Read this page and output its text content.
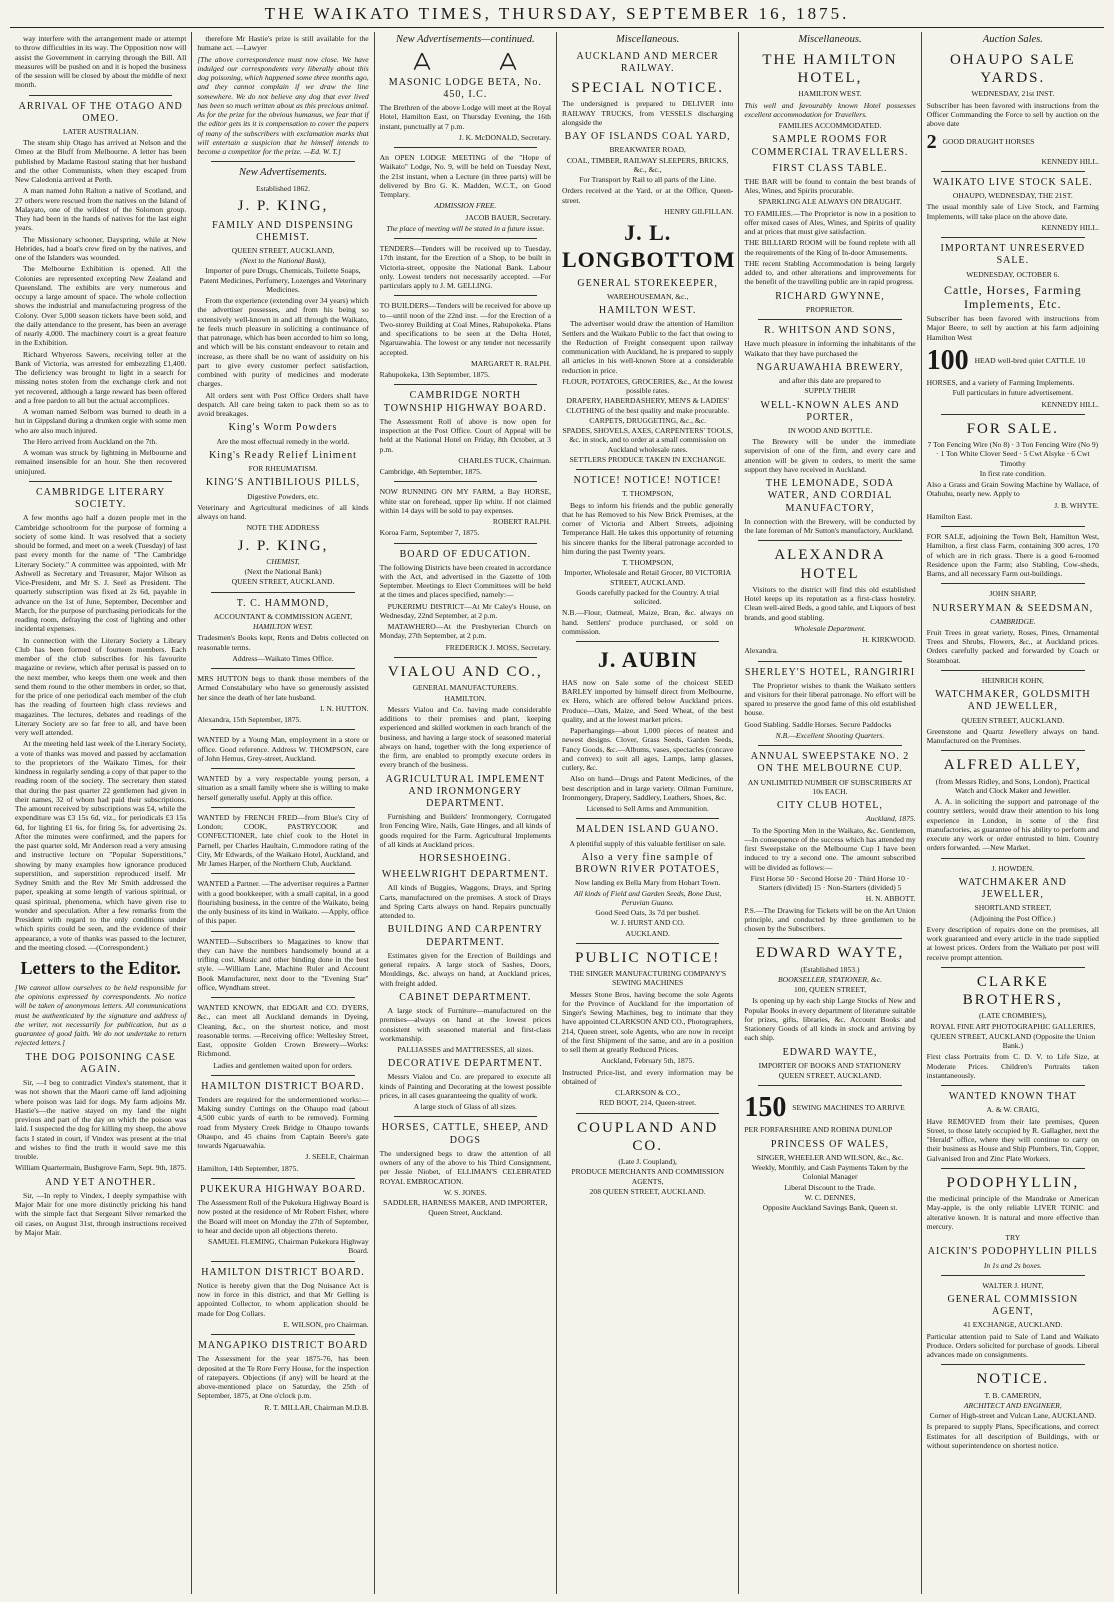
THE WAIKATO TIMES, THURSDAY, SEPTEMBER 16, 1875.
way interfere with the arrangement made or attempt to throw difficulties in its way. The Opposition now will assist the Government in carrying through the Bill. All measures will be pushed on and it is hoped the business of the session will be closed by about the middle of next month.
ARRIVAL OF THE OTAGO AND OMEO.
LATER AUSTRALIAN.
The steam ship Otago has arrived at Nelson and the Omeo at the Bluff from Melbourne. A letter has been published by Madame Rastoul stating that her husband and the other Communists, when they escaped from New Caledonia arrived at Perth.
A man named John Ralton a native of Scotland, and 27 others were rescued from the natives on the Island of Malayato, one of the wildest of the Solomon group. They had been in the hands of natives for the last eight years.
The Missionary schooner, Dayspring, while at New Hebrides, had a boat's crew fired on by the natives, and one of the Islanders was wounded.
The Melbourne Exhibition is opened. All the Colonies are represented excepting New Zealand and Queensland. The exhibits are very numerous and occupy a large amount of space. The whole collection shows the industrial and manufacturing progress of the Colony. Over 5,000 season tickets have been sold, and the daily attendance to the present, has been an average of nearly 4,000. The machinery court is a great feature in the Exhibition.
Richard Whyeross Sawers, receiving teller at the Bank of Victoria, was arrested for embezzling £1,400. The deficiency was brought to light in a search for missing notes stolen from the exchange clerk and not yet recovered, although a large reward has been offered and a free pardon to all but the actual accomplices.
A woman named Selborn was burned to death in a hut in Gippsland during a drunken orgie with some men who are also much injured.
The Hero arrived from Auckland on the 7th.
A woman was struck by lightning in Melbourne and remained insensible for an hour. She then recovered uninjured.
CAMBRIDGE LITERARY SOCIETY.
A few months ago half a dozen people met in the Cambridge schoolroom for the purpose of forming a society of some kind. It was resolved that a society should be formed, and meet on a week (Tuesday) of last past every month for the name of "The Cambridge Literary Society." A committee was appointed, with Mr Ashwell as Secretary and Treasurer, Major Wilson as Vice-President, and Mr S. J. Seel as President. The quarterly subscription was fixed at 2s 6d, payable in advance on the 1st of June, September, December and March, for the purpose of purchasing periodicals for the reading room, defraying the cost of lighting and other incidental expenses.
In connection with the Literary Society a Library Club has been formed of fourteen members. Each member of the club subscribes for his favourite magazine or review, which after perusal is passed on to the next member, who keeps them one week and then send them round to the other members in order, so that, for the price of one periodical each member of the club has the reading of fourteen high class reviews and magazines. The lectures, debates and readings of the Literary Society are so far free to all, and have been very well attended.
At the meeting held last week of the Literary Society, a vote of thanks was moved and passed by acclamation to the proprietors of the Waikato Times, for their kindness in regularly sending a copy of that paper to the reading room of the society. The secretary then stated that during the past quarter 22 gentlemen had given in their names, 32 of whom had paid their subscriptions. The amount received by subscriptions was £4, while the expenditure was £3 15s 6d, viz., for periodicals £3 15s 6d, for lighting £1 6s, for firing 5s, for advertising 2s. After the minutes were confirmed, and the papers for the past quarter sold, Mr Anderson read a very amusing and instructive lecture on "Popular Superstitions," showing by many examples how ignorance produced superstition, and superstition reproduced itself. Mr Sydney Smith and the Rev Mr Smith addressed the paper, speaking at some length of various spiritual, or quasi spiritual, phenomena, which have given rise to wonder and speculation. After a few remarks from the President with regard to the only conditions under which spirits could be seen, and the evidence of their appearance, a vote of thanks was passed to the lecturer, and the meeting closed. —(Correspondent.)
Letters to the Editor.
[We cannot allow ourselves to be held responsible for the opinions expressed by correspondents. No notice will be taken of anonymous letters. All communications must be authenticated by the signature and address of the writer, not necessarily for publication, but as a guarantee of good faith. We do not undertake to return rejected letters.]
THE DOG POISONING CASE AGAIN.
Sir, —I beg to contradict Vindex's statement, that it was not shown that the Maori came off land adjoining where poison was laid for dogs. My farm adjoins Mr. Hastie's—the native stayed on my land the night previous and part of the day on which the poison was laid. I suspected the dog for killing my sheep, the above facts I stated in court, if Vindex was present at the trial and wishes to find the truth it would save me this trouble.
William Quartermain, Bushgrove Farm, Sept. 9th, 1875.
AND YET ANOTHER.
Sir, —In reply to Vindex, I deeply sympathise with Major Mair for one more distinctly pricking his hand with the simple fact that Sergeant Silver remarked the oil cases, on August 31st, through instructions received by Major Mair.
therefore Mr Hastie's prize is still available for the humane act. —Lawyer
[The above correspondence must now close. We have indulged our correspondents very liberally about this dog poisoning, which happened some three months ago, and they cannot complain if we draw the line somewhere. We do not believe any dog that ever lived has been so much written about as this precious animal. As for the prize for the obvious humanus, we fear that if the editor gets its it is compensation to cover the papers of many of the subscribers with exclamation marks that will entertain a suspicion that he himself intends to become a competitor for the prize. —Ed. W. T.]
New Advertisements.
Established 1862.
J. P. KING,
FAMILY AND DISPENSING CHEMIST.
QUEEN STREET, AUCKLAND,
(Next to the National Bank),
Importer of pure Drugs, Chemicals, Toilette Soaps, Patent Medicines, Perfumery, Lozenges and Veterinary Medicines.
From the experience (extending over 34 years) which the advertiser possesses, and from his being so extensively well-known in and all through the Waikato, he feels much pleasure in soliciting a continuance of that patronage, which has been accorded to him so long, and which will be his constant endeavour to retain and increase, as there shall be no want of assiduity on his part to give every customer perfect satisfaction, combined with purity of medicines and moderate charges.
All orders sent with Post Office Orders shall have despatch. All care being taken to pack them so as to avoid breakages.
King's Worm Powders
Are the most effectual remedy in the world.
King's Ready Relief Liniment
FOR RHEUMATISM.
KING'S ANTIBILIOUS PILLS,
Digestive Powders, etc.
Veterinary and Agricultural medicines of all kinds always on hand.
NOTE THE ADDRESS
J. P. KING,
CHEMIST,
(Next the National Bank)
QUEEN STREET, AUCKLAND.
T. C. HAMMOND,
ACCOUNTANT & COMMISSION AGENT,
HAMILTON WEST.
Tradesmen's Books kept, Rents and Debts collected on reasonable terms.
Address—Waikato Times Office.
MRS HUTTON begs to thank those members of the Armed Constabulary who have so generously assisted her since the death of her late husband.
I. N. HUTTON.
Alexandra, 15th September, 1875.
WANTED by a Young Man, employment in a store or office. Good reference. Address W. THOMPSON, care of John Hemus, Grey-street, Auckland.
WANTED by a very respectable young person, a situation as a small family where she is willing to make herself generally useful. Apply at this office.
WANTED by FRENCH FRED—from Blue's City of London; COOK, PASTRYCOOK and CONFECTIONER, late chief cook to the Hotel in Parnell, per Charles Haultain, C.mmodore rating of the City, Mr Edwards, of the Waikato Hotel, Auckland, and Mr James Harper, of the Northern Club, Auckland.
WANTED a Partner. —The advertiser requires a Partner with a good bookkeeper, with a small capital, in a good flourishing business, in the centre of the Waikato, being the only business of its kind in Waikato. —Apply, office of this paper.
WANTED—Subscribers to Magazines to know that they can have the numbers handsomely bound at a trifling cost. Music and other binding done in the best style. —William Lane, Machine Ruler and Account Book Manufacturer, next door to the "Evening Star" office, Wyndham street.
WANTED KNOWN, that EDGAR and CO. DYERS, &c., can meet all Auckland demands in Dyeing, Cleaning, &c., on the shortest notice, and most reasonable terms. —Receiving office: Wellesley Street, East, opposite Golden Crown Brewery—Works: Richmond.
Ladies and gentlemen waited upon for orders.
HAMILTON DISTRICT BOARD.
Tenders are required for the undermentioned works:— Making sundry Cuttings on the Ohaupo road (about 4,500 cubic yards of earth to be removed). Forming road from Mystery Creek Bridge to Ohaupo towards Ohaupo, and 45 chains from Captain Beere's gate towards Ngaruawahia.
J. SEELE, Chairman
Hamilton, 14th September, 1875.
PUKEKURA HIGHWAY BOARD.
The Assessment Roll of the Pukekura Highway Board is now posted at the residence of Mr Robert Fisher, where the Board will meet on Monday the 27th of September, to hear and decide upon all objections thereto.
SAMUEL FLEMING, Chairman Pukekura Highway Board.
HAMILTON DISTRICT BOARD.
Notice is hereby given that the Dog Nuisance Act is now in force in this district, and that Mr Gelling is appointed Collector, to whom application should be made for Dog Collars.
E. WILSON, pro Chairman.
MANGAPIKO DISTRICT BOARD
The Assessment for the year 1875-76, has been deposited at the Te Rore Ferry House, for the inspection of ratepayers. Objections (if any) will be heard at the above-mentioned place on Saturday, the 25th of September, 1875, at One o'clock p.m.
R. T. MILLAR, Chairman M.D.B.
New Advertisements—continued.
MASONIC LODGE BETA, No. 450, I.C.
The Brethren of the above Lodge will meet at the Royal Hotel, Hamilton East, on Thursday Evening, the 16th instant, punctually at 7 p.m.
J. K. McDONALD, Secretary.
An OPEN LODGE MEETING of the "Hope of Waikato" Lodge, No. 9, will be held on Tuesday Next, the 21st instant, when a Lecture (in three parts) will be delivered by Bro G. K. Madden, W.C.T., on Good Templary.
ADMISSION FREE.
JACOB BAUER, Secretary.
The place of meeting will be stated in a future issue.
TENDERS—Tenders will be received up to Tuesday, 17th instant, for the Erection of a Shop, to be built in Victoria-street, opposite the National Bank. Labour only. Lowest tenders not necessarily accepted. —For particulars apply to J. M. GELLING.
TO BUILDERS—Tenders will be received for above up to—until noon of the 22nd inst. —for the Erection of a Two-storey Building at Coal Mines, Rahupokeka. Plans and specifications to be seen at the Delta Hotel, Ngaruawahia. The lowest or any tender not necessarily accepted.
MARGARET R. RALPH.
Rahupokeka, 13th September, 1875.
CAMBRIDGE NORTH TOWNSHIP HIGHWAY BOARD.
The Assessment Roll of above is now open for inspection at the Post Office. Court of Appeal will be held at the National Hotel on Friday, 8th October, at 3 p.m.
CHARLES TUCK, Chairman.
Cambridge, 4th September, 1875.
NOW RUNNING ON MY FARM, a Bay HORSE, white star on forehead, upper lip white. If not claimed within 14 days will be sold to pay expenses.
ROBERT RALPH.
Koroa Farm, September 7, 1875.
BOARD OF EDUCATION.
The following Districts have been created in accordance with the Act, and advertised in the Gazette of 10th September. Meetings to Elect Committees will be held at the times and places specified, namely:—
PUKERIMU DISTRICT—At Mr Caley's House, on Wednesday, 22nd September, at 2 p.m.
MATAWHERO—At the Presbyterian Church on Monday, 27th September, at 2 p.m.
FREDERICK J. MOSS, Secretary.
VIALOU AND CO.,
GENERAL MANUFACTURERS.
HAMILTON.
Messrs Vialou and Co. having made considerable additions to their premises and plant, keeping experienced and skilled workmen in each branch of the business, and having a large stock of seasoned material always on hand, together with the long experience of the firm, are enabled to promptly execute orders in every branch of the business.
AGRICULTURAL IMPLEMENT AND IRONMONGERY DEPARTMENT.
Furnishing and Builders' Ironmongery, Corrugated Iron Fencing Wire, Nails, Gate Hinges, and all kinds of goods required for the Farm. Agricultural Implements of all kinds at Auckland prices.
HORSESHOEING.
WHEELWRIGHT DEPARTMENT.
All kinds of Buggies, Waggons, Drays, and Spring Carts, manufactured on the premises. A stock of Drays and Spring Carts always on hand. Repairs punctually attended to.
BUILDING AND CARPENTRY DEPARTMENT.
Estimates given for the Erection of Buildings and general repairs. A large stock of Sashes, Doors, Mouldings, &c. always on hand, at Auckland prices, with freight added.
CABINET DEPARTMENT.
A large stock of Furniture—manufactured on the premises—always on hand at the lowest prices consistent with seasoned material and first-class workmanship.
PALLIASSES and MATTRESSES, all sizes.
DECORATIVE DEPARTMENT.
Messrs Vialou and Co. are prepared to execute all kinds of Painting and Decorating at the lowest possible prices, in all cases guaranteeing the quality of work.
A large stock of Glass of all sizes.
HORSES, CATTLE, SHEEP, AND DOGS
The undersigned begs to draw the attention of all owners of any of the above to his Third Consignment, per Jessie Niobet, of ELLIMAN'S CELEBRATED ROYAL EMBROCATION.
W. S. JONES.
SADDLER, HARNESS MAKER, AND IMPORTER,
Queen Street, Auckland.
Miscellaneous.
AUCKLAND AND MERCER RAILWAY.
SPECIAL NOTICE.
The undersigned is prepared to DELIVER into RAILWAY TRUCKS, from VESSELS discharging alongside the
BAY OF ISLANDS COAL YARD,
BREAKWATER ROAD,
COAL, TIMBER, RAILWAY SLEEPERS, BRICKS, &c., &c.,
For Transport by Rail to all parts of the Line.
Orders received at the Yard, or at the Office, Queen-street.
HENRY GILFILLAN.
J. L. LONGBOTTOM
GENERAL STOREKEEPER,
WAREHOUSEMAN, &c.,
HAMILTON WEST.
The advertiser would draw the attention of Hamilton Settlers and the Waikato Public to the fact that owing to the Reduction of Freight consequent upon railway communication with Auckland, he is prepared to supply all articles in his well-known Store at a considerable reduction in price.
FLOUR, POTATOES, GROCERIES, &c., At the lowest possible rates.
DRAPERY, HABERDASHERY, MEN'S & LADIES' CLOTHING of the best quality and make procurable.
CARPETS, DRUGGETING, &c., &c.
SPADES, SHOVELS, AXES, CARPENTERS' TOOLS, &c. in stock, and to order at a small commission on Auckland wholesale rates.
SETTLERS PRODUCE TAKEN IN EXCHANGE.
NOTICE! NOTICE! NOTICE!
T. THOMPSON,
Begs to inform his friends and the public generally that he has Removed to his New Brick Premises, at the corner of Victoria and Albert Streets, adjoining Temperance Hall. He takes this opportunity of returning his sincere thanks for the liberal patronage accorded to him during the past Twenty years.
T. THOMPSON,
Importer, Wholesale and Retail Grocer, 80 VICTORIA STREET, AUCKLAND.
Goods carefully packed for the Country. A trial solicited.
N.B.—Flour, Oatmeal, Maize, Bran, &c. always on hand. Settlers' produce purchased, or sold on commission.
J. AUBIN
HAS now on Sale some of the choicest SEED BARLEY imported by himself direct from Melbourne, ex Hero, which are offered below Auckland prices. Produce—Oats, Maize, and Seed Wheat, of the best quality, and at the lowest market prices.
Paperhangings—about 1,000 pieces of neatest and newest designs. Clover, Grass Seeds, Garden Seeds, Fancy Goods, &c.—Albums, vases, spectacles (concave and convex) to suit all ages, Lamps, lamp glasses, cutlery, &c.
Also on hand—Drugs and Patent Medicines, of the best description and in large variety. Oilman Furniture, Ironmongery, Drapery, Saddlery, Leathers, Shoes, &c.
Licensed to Sell Arms and Ammunition.
MALDEN ISLAND GUANO.
A plentiful supply of this valuable fertiliser on sale.
Also a very fine sample of BROWN RIVER POTATOES,
Now landing ex Bella Mary from Hobart Town.
All kinds of Field and Garden Seeds, Bone Dust, Peruvian Guano.
Good Seed Oats, 3s 7d per bushel.
W. J. HURST AND CO.
AUCKLAND.
PUBLIC NOTICE!
THE SINGER MANUFACTURING COMPANY'S SEWING MACHINES
Messrs Stone Bros, having become the sole Agents for the Province of Auckland for the importation of Singer's Sewing Machines, beg to intimate that they have appointed CLARKSON AND CO., Photographers, 214, Queen street, sole Agents, who are now in receipt of the first Shipment of the same, and are in a position to sell them at greatly Reduced Prices.
Auckland, February 5th, 1875.
Instructed Price-list, and every information may be obtained of
CLARKSON & CO.,
RED BOOT, 214, Queen-street.
COUPLAND AND CO.
(Late J. Coupland),
PRODUCE MERCHANTS AND COMMISSION AGENTS,
208 QUEEN STREET, AUCKLAND.
Miscellaneous.
THE HAMILTON HOTEL,
HAMILTON WEST.
This well and favourably known Hotel possesses excellent accommodation for Travellers.
FAMILIES ACCOMMODATED.
SAMPLE ROOMS FOR COMMERCIAL TRAVELLERS.
FIRST CLASS TABLE.
THE BAR will be found to contain the best brands of Ales, Wines, and Spirits procurable.
SPARKLING ALE ALWAYS ON DRAUGHT.
TO FAMILIES.—The Proprietor is now in a position to offer mixed cases of Ales, Wines, and Spirits of quality and at prices that must give satisfaction.
THE BILLIARD ROOM will be found replete with all the requirements of the King of In-door Amusements.
THE recent Stabling Accommodation is being largely added to, and other alterations and improvements for the benefit of the travelling public are in rapid progress.
RICHARD GWYNNE,
PROPRIETOR.
R. WHITSON AND SONS,
Have much pleasure in informing the inhabitants of the Waikato that they have purchased the
NGARUAWAHIA BREWERY,
and after this date are prepared to
SUPPLY THEIR
WELL-KNOWN ALES AND PORTER,
IN WOOD AND BOTTLE.
The Brewery will be under the immediate supervision of one of the firm, and every care and attention will be given to orders, to merit the same support they have received in Auckland.
THE LEMONADE, SODA WATER, AND CORDIAL MANUFACTORY,
In connection with the Brewery, will be conducted by the late foreman of Mr Sutton's manufactory, Auckland.
ALEXANDRA HOTEL
Visitors to the district will find this old established Hotel keeps up its reputation as a first-class hostelry. Clean well-aired Beds, a good table, and Liquors of best brands, and good stabling.
Wholesale Department.
H. KIRKWOOD.
Alexandra.
SHERLEY'S HOTEL, RANGIRIRI
The Proprietor wishes to thank the Waikato settlers and visitors for their liberal patronage. No effort will be spared to preserve the good fame of this old established house.
Good Stabling. Saddle Horses. Secure Paddocks
N.B.—Excellent Shooting Quarters.
ANNUAL SWEEPSTAKE NO. 2 ON THE MELBOURNE CUP.
AN UNLIMITED NUMBER OF SUBSCRIBERS AT 10s EACH.
CITY CLUB HOTEL,
Auckland, 1875.
To the Sporting Men in the Waikato, &c. Gentlemen, —In consequence of the success which has attended my first Sweepstake on the Melbourne Cup I have been induced to try a second one. The amount subscribed will be divided as follows:—
First Horse 50 · Second Horse 20 · Third Horse 10 · Starters (divided) 15 · Non-Starters (divided) 5
H. N. ABBOTT.
P.S.—The Drawing for Tickets will be on the Art Union principle, and conducted by three gentlemen to be chosen by the Subscribers.
EDWARD WAYTE,
(Established 1853.)
BOOKSELLER, STATIONER, &c.
100, QUEEN STREET,
Is opening up by each ship Large Stocks of New and Popular Books in every department of literature suitable for prizes, gifts, libraries, &c. Account Books and Stationery Goods of all kinds in stock and arriving by each ship.
EDWARD WAYTE,
IMPORTER OF BOOKS AND STATIONERY
QUEEN STREET, AUCKLAND.
150 SEWING MACHINES TO ARRIVE PER FORFARSHIRE AND ROBINA DUNLOP
PRINCESS OF WALES,
SINGER, WHEELER AND WILSON, &c., &c.
Weekly, Monthly, and Cash Payments Taken by the Colonial Manager
Liberal Discount to the Trade.
W. C. DENNES,
Opposite Auckland Savings Bank, Queen st.
Auction Sales.
OHAUPO SALE YARDS.
WEDNESDAY, 21st INST.
Subscriber has been favored with instructions from the Officer Commanding the Force to sell by auction on the above date
2 GOOD DRAUGHT HORSES
KENNEDY HILL.
WAIKATO LIVE STOCK SALE.
OHAUPO, WEDNESDAY, THE 21ST.
The usual monthly sale of Live Stock, and Farming Implements, will take place on the above date.
KENNEDY HILL.
IMPORTANT UNRESERVED SALE.
WEDNESDAY, OCTOBER 6.
Cattle, Horses, Farming Implements, Etc.
Subscriber has been favored with instructions from Major Beere, to sell by auction at his farm adjoining Hamilton West
100 HEAD well-bred quiet CATTLE. 10 HORSES, and a variety of Farming Implements.
Full particulars in future advertisement.
KENNEDY HILL.
FOR SALE.
7 Ton Fencing Wire (No 8) · 3 Ton Fencing Wire (No 9) · 1 Ton White Clover Seed · 5 Cwt Alsyke · 6 Cwt Timothy
In first rate condition.
Also a Grass and Grain Sowing Machine by Wallace, of Otahuhu, nearly new. Apply to
J. B. WHYTE.
Hamilton East.
FOR SALE, adjoining the Town Belt, Hamilton West, Hamilton, a first class Farm, containing 300 acres, 170 of which are in rich grass. There is a good 6-roomed Residence upon the Farm; also Stabling, Cow-sheds, Barns, and all necessary Farm out-buildings.
JOHN SHARP,
NURSERYMAN & SEEDSMAN,
CAMBRIDGE.
Fruit Trees in great variety, Roses, Pines, Ornamental Trees and Shrubs, Flowers, &c., at Auckland prices. Orders carefully packed and forwarded by Coach or Steamboat.
HEINRICH KOHN,
WATCHMAKER, GOLDSMITH AND JEWELLER,
QUEEN STREET, AUCKLAND.
Greenstone and Quartz Jewellery always on hand. Manufactured on the Premises.
ALFRED ALLEY,
(from Messrs Ridley, and Sons, London), Practical Watch and Clock Maker and Jeweller.
A. A. in soliciting the support and patronage of the country settlers, would draw their attention to his long experience in London, in some of the first manufactories, as guarantee of his ability to perform and execute any work or order entrusted to him. Country orders forwarded. —New Market.
J. HOWDEN.
WATCHMAKER AND JEWELLER,
SHORTLAND STREET,
(Adjoining the Post Office.)
Every description of repairs done on the premises, all work guaranteed and every article in the trade supplied at lowest prices. Orders from the Waikato per post will receive prompt attention.
CLARKE BROTHERS,
(LATE CROMBIE'S),
ROYAL FINE ART PHOTOGRAPHIC GALLERIES,
QUEEN STREET, AUCKLAND (Opposite the Union Bank.)
First class Portraits from C. D. V. to Life Size, at Moderate Prices. Children's Portraits taken instantaneously.
WANTED KNOWN THAT
A. & W. CRAIG,
Have REMOVED from their late premises, Queen Street, to those lately occupied by R. Gallagher, next the "Herald" office, where they will continue to carry on their business as House and Ship Plumbers, Tin, Copper, Galvanised Iron and Zinc Plate Workers.
PODOPHYLLIN,
the medicinal principle of the Mandrake or American May-apple, is the only reliable LIVER TONIC and alterative known. It is natural and more effective than mercury.
TRY
AICKIN'S PODOPHYLLIN PILLS
In 1s and 2s boxes.
WALTER J. HUNT,
GENERAL COMMISSION AGENT,
41 EXCHANGE, AUCKLAND.
Particular attention paid to Sale of Land and Waikato Produce. Orders solicited for purchase of goods. Liberal advances made on consignments.
NOTICE.
T. B. CAMERON,
ARCHITECT AND ENGINEER,
Corner of High-street and Vulcan Lane, AUCKLAND.
Is prepared to supply Plans, Specifications, and correct Estimates for all description of Buildings, with or without superintendence on shortest notice.
